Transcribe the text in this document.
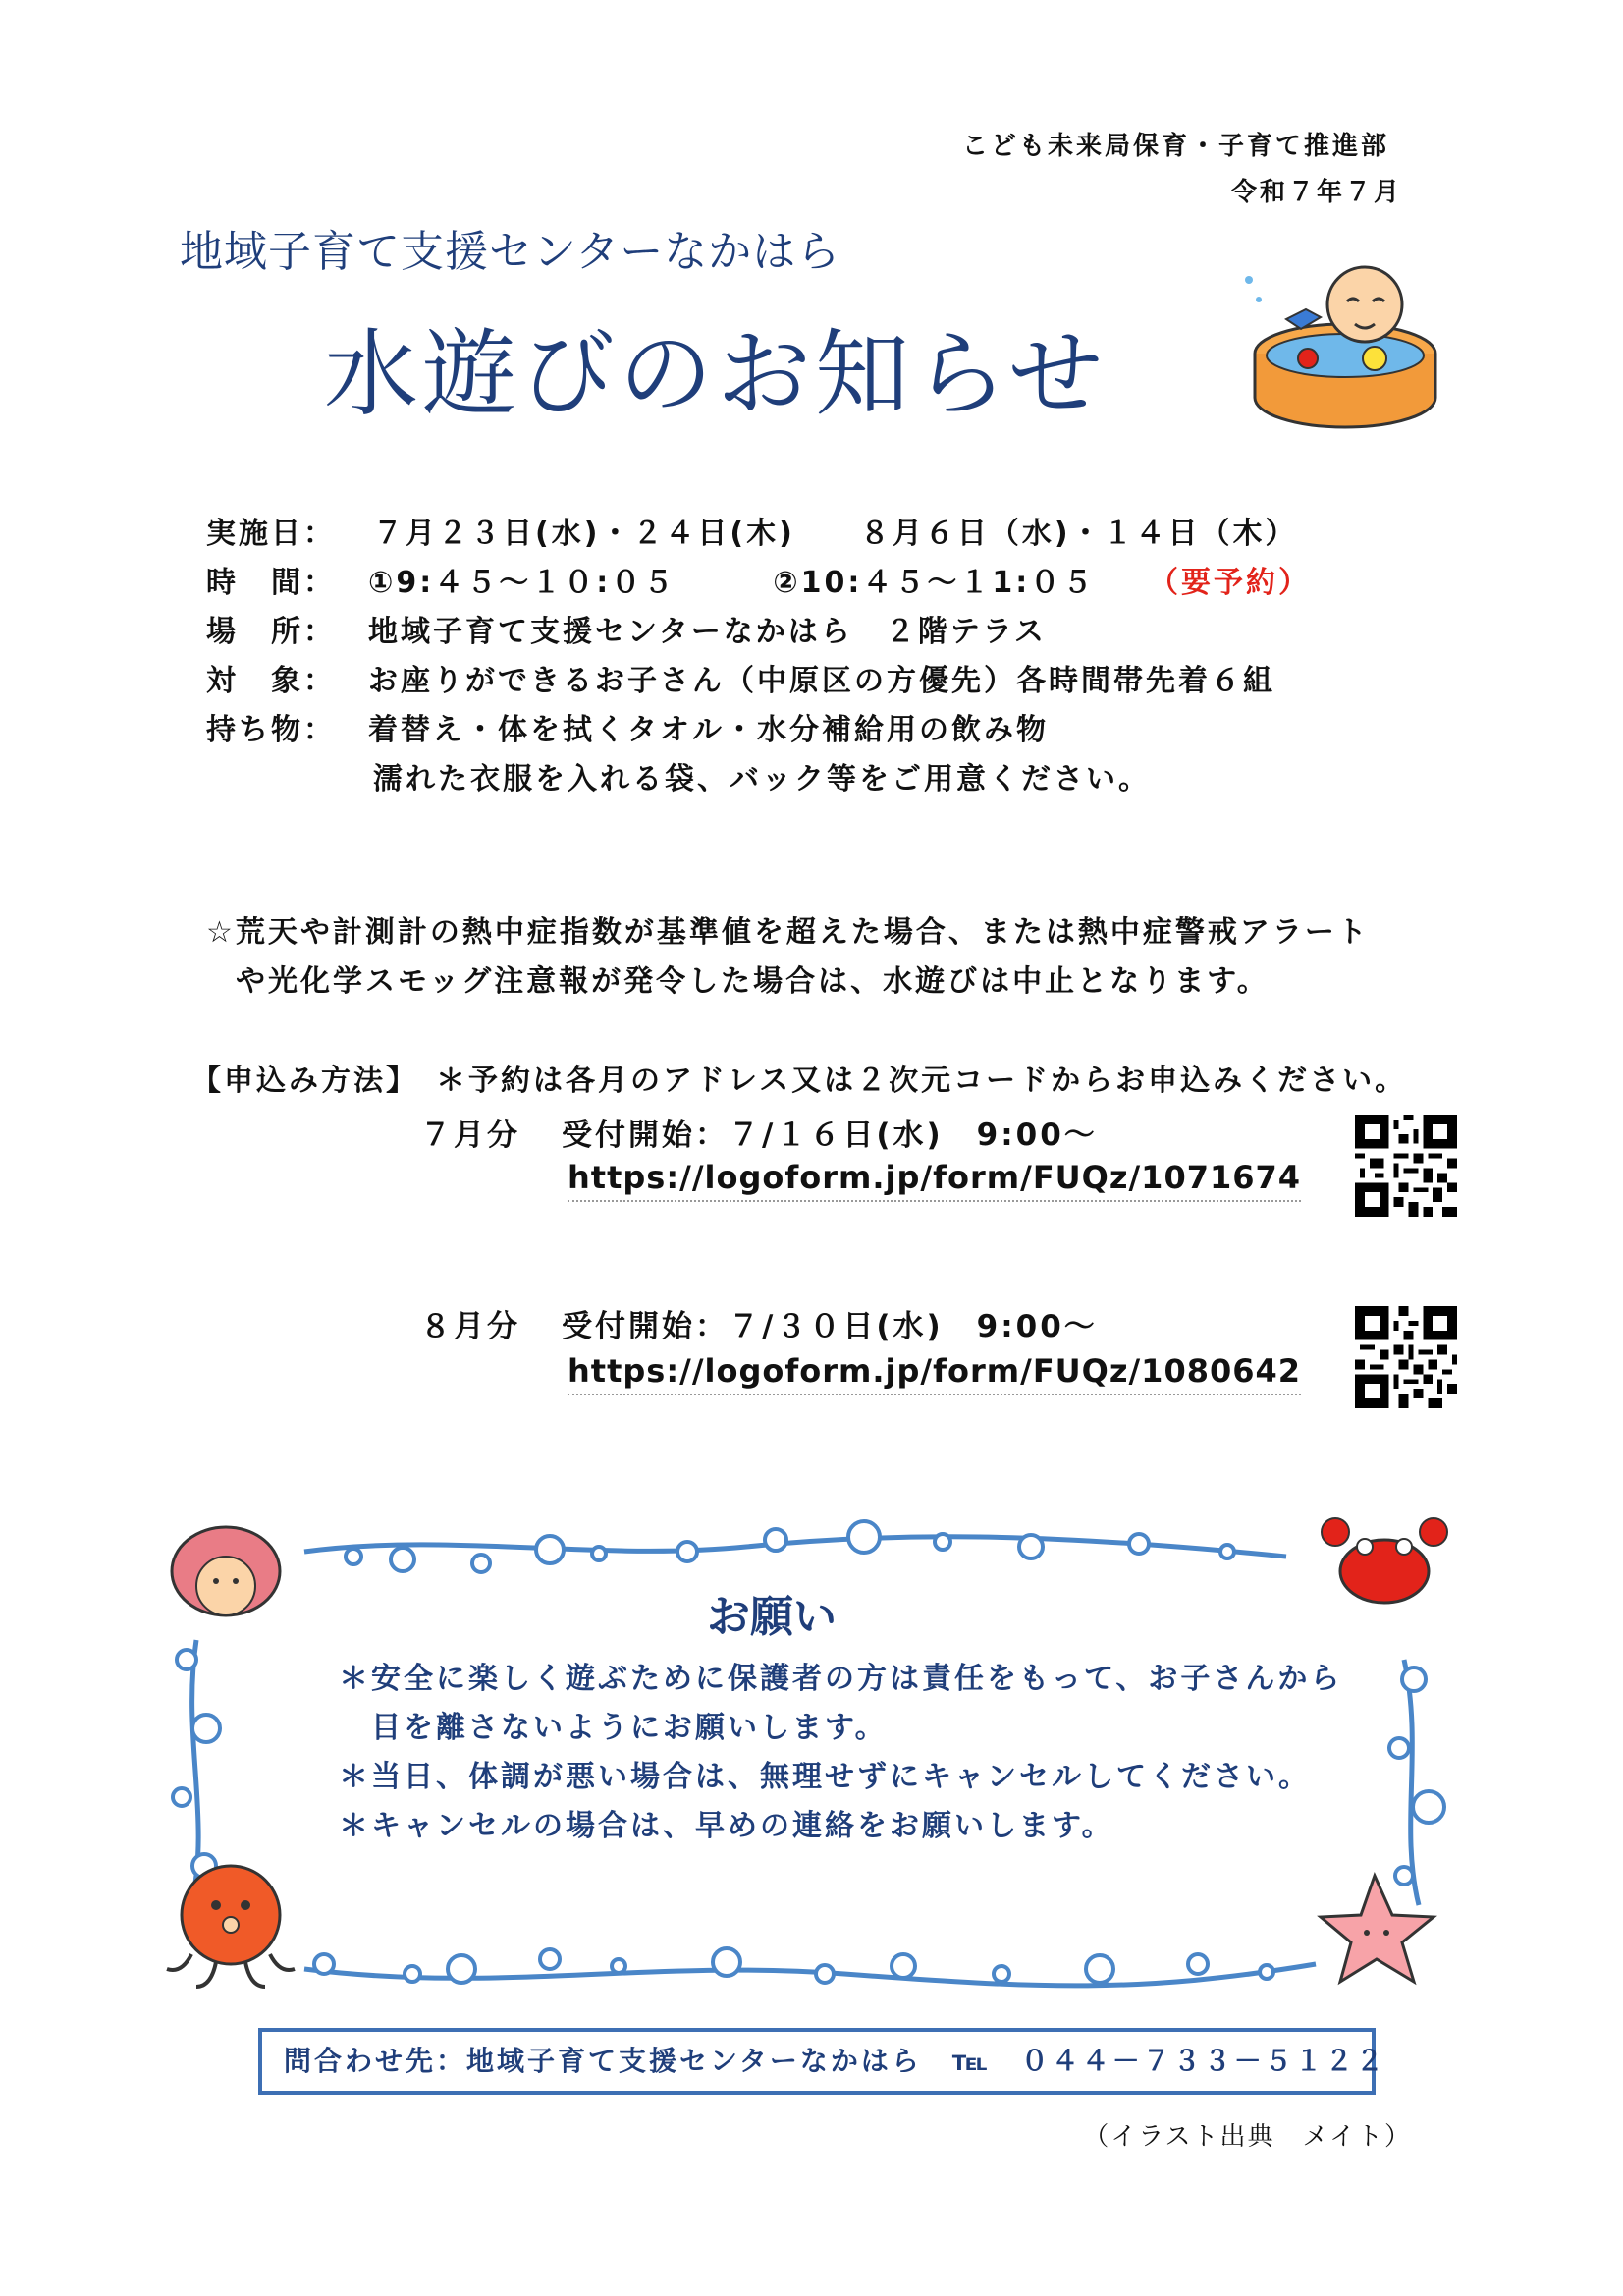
こども未来局保育・子育て推進部
令和７年７月
地域子育て支援センターなかはら
水遊びのお知らせ
実施日： ７月２３日(水)・２４日(木)　　８月６日（水)・１４日（木）
時　間： ①9:４５～１０:０５　　　②10:４５～１1:０５ （要予約）
場　所： 地域子育て支援センターなかはら　２階テラス
対　象： お座りができるお子さん（中原区の方優先）各時間帯先着６組
持ち物： 着替え・体を拭くタオル・水分補給用の飲み物
濡れた衣服を入れる袋、バック等をご用意ください。
☆荒天や計測計の熱中症指数が基準値を超えた場合、または熱中症警戒アラート
や光化学スモッグ注意報が発令した場合は、水遊びは中止となります。
【申込み方法】　＊予約は各月のアドレス又は２次元コードからお申込みください。
７月分 受付開始：７/１６日(水)　9:00～
https://logoform.jp/form/FUQz/1071674
８月分 受付開始：７/３０日(水)　9:00～
https://logoform.jp/form/FUQz/1080642
お願い
＊安全に楽しく遊ぶために保護者の方は責任をもって、お子さんから
　目を離さないようにお願いします。
＊当日、体調が悪い場合は、無理せずにキャンセルしてください。
＊キャンセルの場合は、早めの連絡をお願いします。
問合わせ先：地域子育て支援センターなかはら　℡　０４４－７３３－５１２２
（イラスト出典　メイト）
